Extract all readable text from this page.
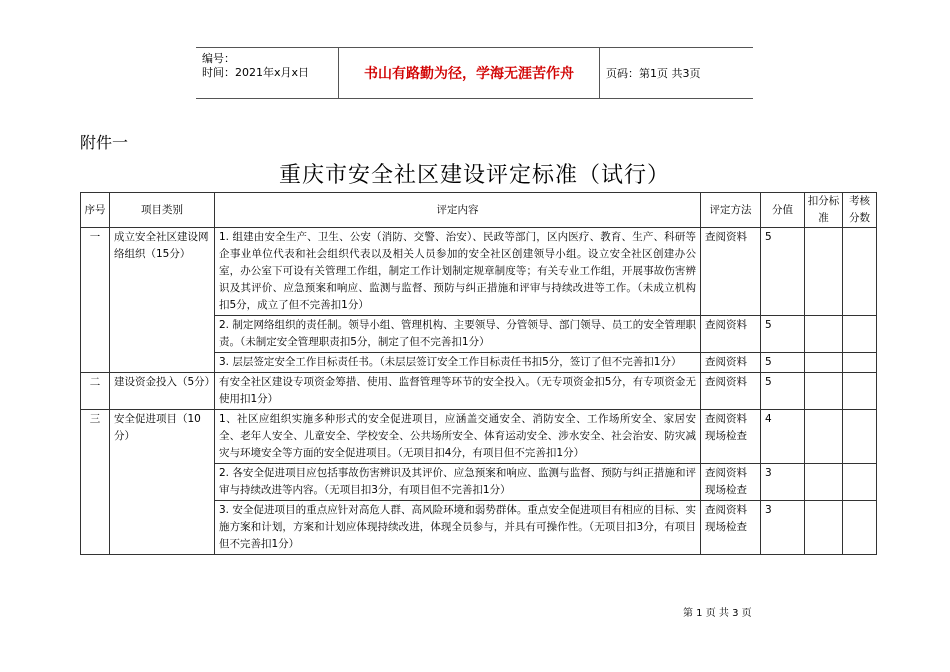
编号：
时间：2021年x月x日	书山有路勤为径，学海无涯苦作舟	页码：第1页 共3页
附件一
重庆市安全社区建设评定标准（试行）
序号	项目类别	评定内容	评定方法	分值	扣分标准	考核分数
一	成立安全社区建设网络组织（15分）	1. 组建由安全生产、卫生、公安（消防、交警、治安）、民政等部门，区内医疗、教育、生产、科研等企事业单位代表和社会组织代表以及相关人员参加的安全社区创建领导小组。设立安全社区创建办公室，办公室下可设有关管理工作组，制定工作计划制定规章制度等；有关专业工作组，开展事故伤害辨识及其评价、应急预案和响应、监测与监督、预防与纠正措施和评审与持续改进等工作。（未成立机构扣5分，成立了但不完善扣1分）	查阅资料	5		
		2. 制定网络组织的责任制。领导小组、管理机构、主要领导、分管领导、部门领导、员工的安全管理职责。（未制定安全管理职责扣5分，制定了但不完善扣1分）	查阅资料	5		
		3. 层层签定安全工作目标责任书。（未层层签订安全工作目标责任书扣5分，签订了但不完善扣1分）	查阅资料	5		
二	建设资金投入（5分）	有安全社区建设专项资金筹措、使用、监督管理等环节的安全投入。（无专项资金扣5分，有专项资金无使用扣1分）	查阅资料	5		
三	安全促进项目（10分）	1、社区应组织实施多种形式的安全促进项目，应涵盖交通安全、消防安全、工作场所安全、家居安全、老年人安全、儿童安全、学校安全、公共场所安全、体育运动安全、涉水安全、社会治安、防灾减灾与环境安全等方面的安全促进项目。（无项目扣4分，有项目但不完善扣1分）	查阅资料现场检查	4		
		2. 各安全促进项目应包括事故伤害辨识及其评价、应急预案和响应、监测与监督、预防与纠正措施和评审与持续改进等内容。（无项目扣3分，有项目但不完善扣1分）	查阅资料现场检查	3		
		3. 安全促进项目的重点应针对高危人群、高风险环境和弱势群体。重点安全促进项目有相应的目标、实施方案和计划，方案和计划应体现持续改进，体现全员参与，并具有可操作性。（无项目扣3分，有项目但不完善扣1分）	查阅资料现场检查	3		
第 1 页 共 3 页
